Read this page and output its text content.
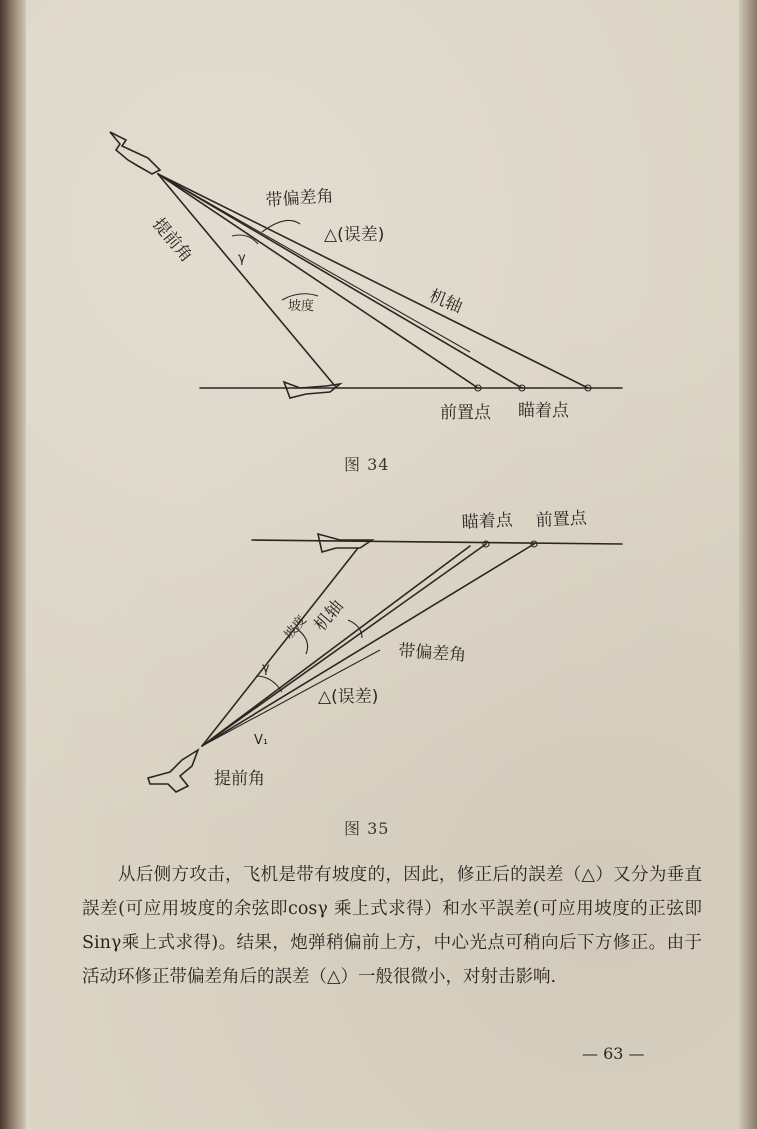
带偏差角
△(误差)
提前角	γ
坡度	机轴
前置点 瞄着点
图 34
瞄着点 前置点
坡度 机轴
γ
带偏差角
△(误差)
V₁
提前角
图 35

从后侧方攻击，飞机是带有坡度的，因此，修正后的誤差（△）又分为垂直誤差(可应用坡度的余弦即cosγ 乘上式求得）和水平誤差(可应用坡度的正弦即Sinγ乘上式求得)。结果，炮弹稍偏前上方，中心光点可稍向后下方修正。由于活动环修正带偏差角后的誤差（△）一般很微小，对射击影响.

— 63 —
